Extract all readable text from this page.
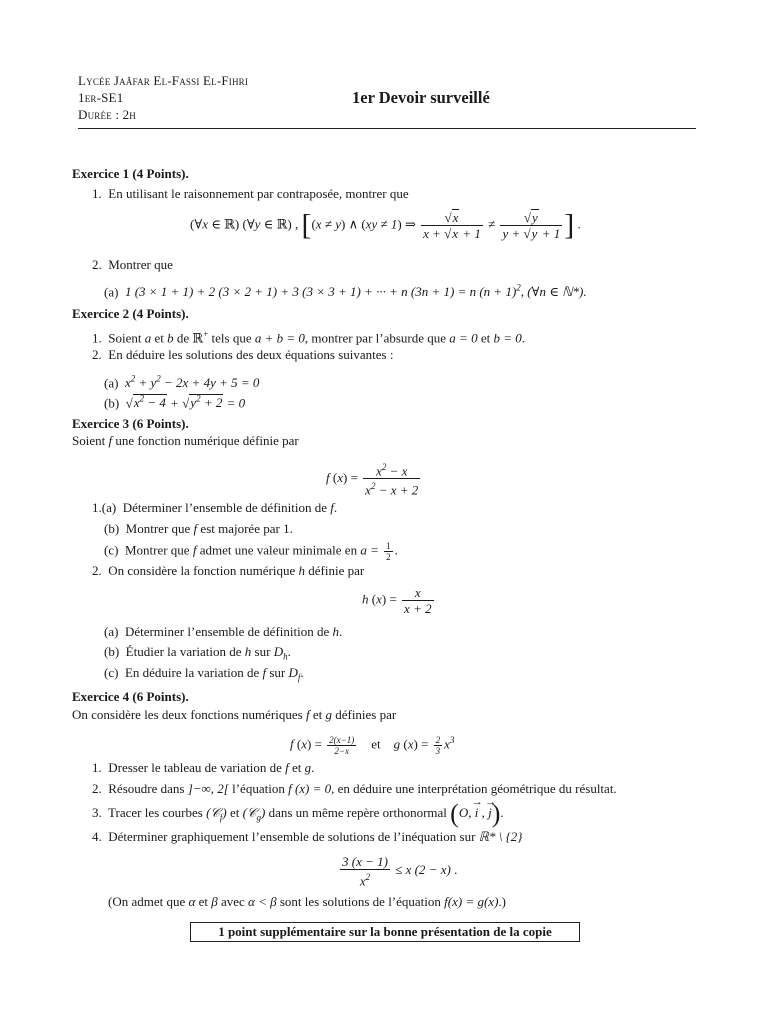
Lycée Jaâfar El-Fassi El-Fihri
1er-SE1
Durée : 2h
1er Devoir surveillé
Exercice 1 (4 Points).
1. En utilisant le raisonnement par contraposée, montrer que
(∀x ∈ ℝ) (∀y ∈ ℝ) , [(x ≠ y) ∧ (xy ≠ 1) ⇒ $\frac{√x}{x + √x + 1} \ne \frac{√y}{y + √y + 1}$ ] .
2. Montrer que
(a) 1 (3 × 1 + 1) + 2 (3 × 2 + 1) + 3 (3 × 3 + 1) + ··· + n (3n + 1) = n $(n + 1)^2$, (∀n ∈ ℕ*).
Exercice 2 (4 Points).
1.  Soient a et b de ℝ+ tels que a + b = 0, montrer par l’absurde que a = 0 et b = 0.
2. En déduire les solutions des deux équations suivantes :
(a) $x^2 + y^2 - 2x + 4y + 5 = 0$
(b) $√x^2 - 4 + √y^2 + 2 = 0$
Exercice 3 (6 Points).
Soient f une fonction numérique définie par
f $(x) = \frac{x^2 - x}{x^2 - x + 2}$
1.(a) Déterminer l’ensemble de définition de f.
(b) Montrer que f est majorée par 1.
(c) Montrer que f admet une valeur minimale en $a = \frac{1}{2}$ .
2. On considère la fonction numérique h définie par
h $(x) = \frac{x}{x + 2}$
(a) Déterminer l’ensemble de définition de h.
(b) Étudier la variation de h sur $D_h$.
(c) En déduire la variation de f sur $D_f$.
Exercice 4 (6 Points).
On considère les deux fonctions numériques f et g définies par
f $(x) = \frac{2(x-1)}{2-x}$ et    g $(x) = \frac{2}{3} x^3$
1. Dresser le tableau de variation de f et g.
2. Résoudre dans ]−∞, 2[ l’équation f (x) = 0, en déduire une interprétation géométrique du résultat.
3. Tracer les courbes (𝒞$_f$) et (𝒞$_g$) dans un même repère orthonormal (O, → i , → j).
4. Déterminer graphiquement l’ensemble de solutions de l’inéquation sur ℝ* \ {2}
$\frac{3 (x - 1)}{x^2} \le x$ (2 − x) .
(On admet que α et β avec α < β sont les solutions de l’équation f(x) = g(x).)
1 point supplémentaire sur la bonne présentation de la copie
